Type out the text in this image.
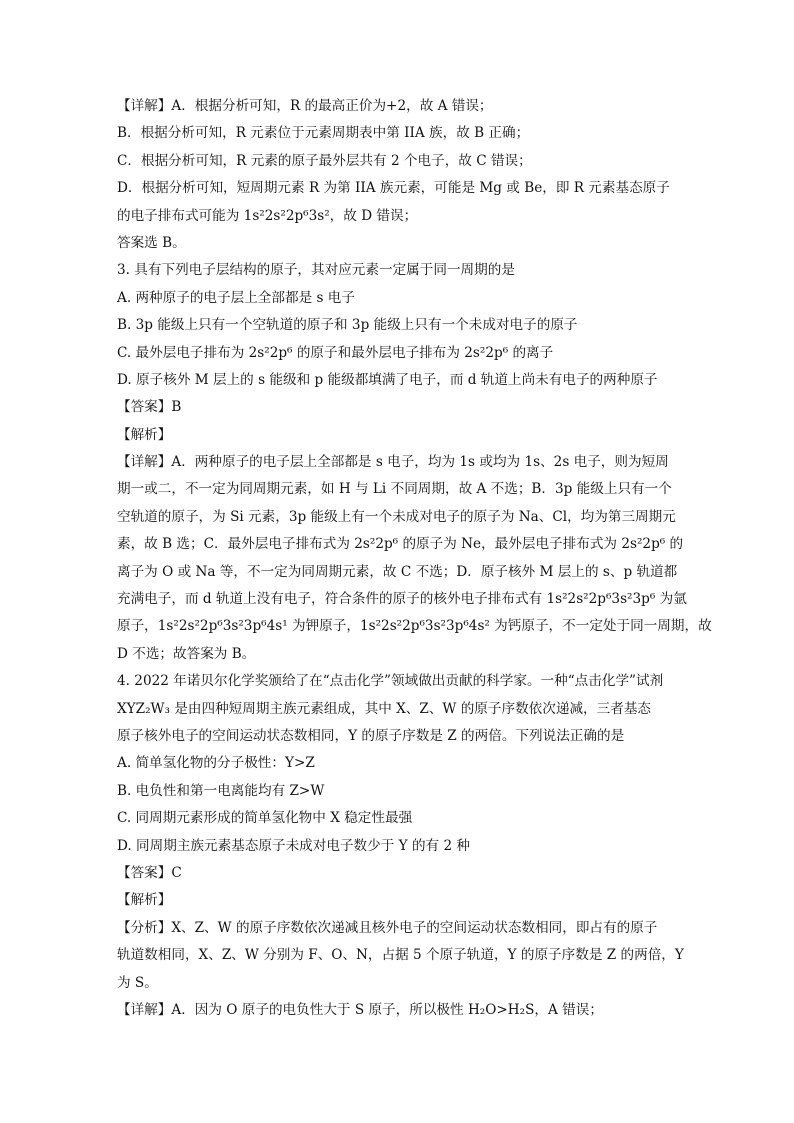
【详解】A．根据分析可知，R 的最高正价为+2，故 A 错误；
B．根据分析可知，R 元素位于元素周期表中第 IIA 族，故 B 正确；
C．根据分析可知，R 元素的原子最外层共有 2 个电子，故 C 错误；
D．根据分析可知，短周期元素 R 为第 IIA 族元素，可能是 Mg 或 Be，即 R 元素基态原子
的电子排布式可能为 1s²2s²2p⁶3s²，故 D 错误；
答案选 B。
3. 具有下列电子层结构的原子，其对应元素一定属于同一周期的是
A. 两种原子的电子层上全部都是 s 电子
B. 3p 能级上只有一个空轨道的原子和 3p 能级上只有一个未成对电子的原子
C. 最外层电子排布为 2s²2p⁶ 的原子和最外层电子排布为 2s²2p⁶ 的离子
D. 原子核外 M 层上的 s 能级和 p 能级都填满了电子，而 d 轨道上尚未有电子的两种原子
【答案】B
【解析】
【详解】A．两种原子的电子层上全部都是 s 电子，均为 1s 或均为 1s、2s 电子，则为短周
期一或二，不一定为同周期元素，如 H 与 Li 不同周期，故 A 不选；B．3p 能级上只有一个
空轨道的原子，为 Si 元素，3p 能级上有一个未成对电子的原子为 Na、Cl，均为第三周期元
素，故 B 选；C．最外层电子排布式为 2s²2p⁶ 的原子为 Ne，最外层电子排布式为 2s²2p⁶ 的
离子为 O 或 Na 等，不一定为同周期元素，故 C 不选；D．原子核外 M 层上的 s、p 轨道都
充满电子，而 d 轨道上没有电子，符合条件的原子的核外电子排布式有 1s²2s²2p⁶3s²3p⁶ 为氩
原子，1s²2s²2p⁶3s²3p⁶4s¹ 为钾原子，1s²2s²2p⁶3s²3p⁶4s² 为钙原子，不一定处于同一周期，故
D 不选；故答案为 B。
4. 2022 年诺贝尔化学奖颁给了在“点击化学”领域做出贡献的科学家。一种“点击化学”试剂
XYZ₂W₃ 是由四种短周期主族元素组成，其中 X、Z、W 的原子序数依次递减，三者基态
原子核外电子的空间运动状态数相同，Y 的原子序数是 Z 的两倍。下列说法正确的是
A. 简单氢化物的分子极性：Y>Z
B. 电负性和第一电离能均有 Z>W
C. 同周期元素形成的简单氢化物中 X 稳定性最强
D. 同周期主族元素基态原子未成对电子数少于 Y 的有 2 种
【答案】C
【解析】
【分析】X、Z、W 的原子序数依次递减且核外电子的空间运动状态数相同，即占有的原子
轨道数相同，X、Z、W 分别为 F、O、N，占据 5 个原子轨道，Y 的原子序数是 Z 的两倍，Y
为 S。
【详解】A．因为 O 原子的电负性大于 S 原子，所以极性 H₂O>H₂S，A 错误；
